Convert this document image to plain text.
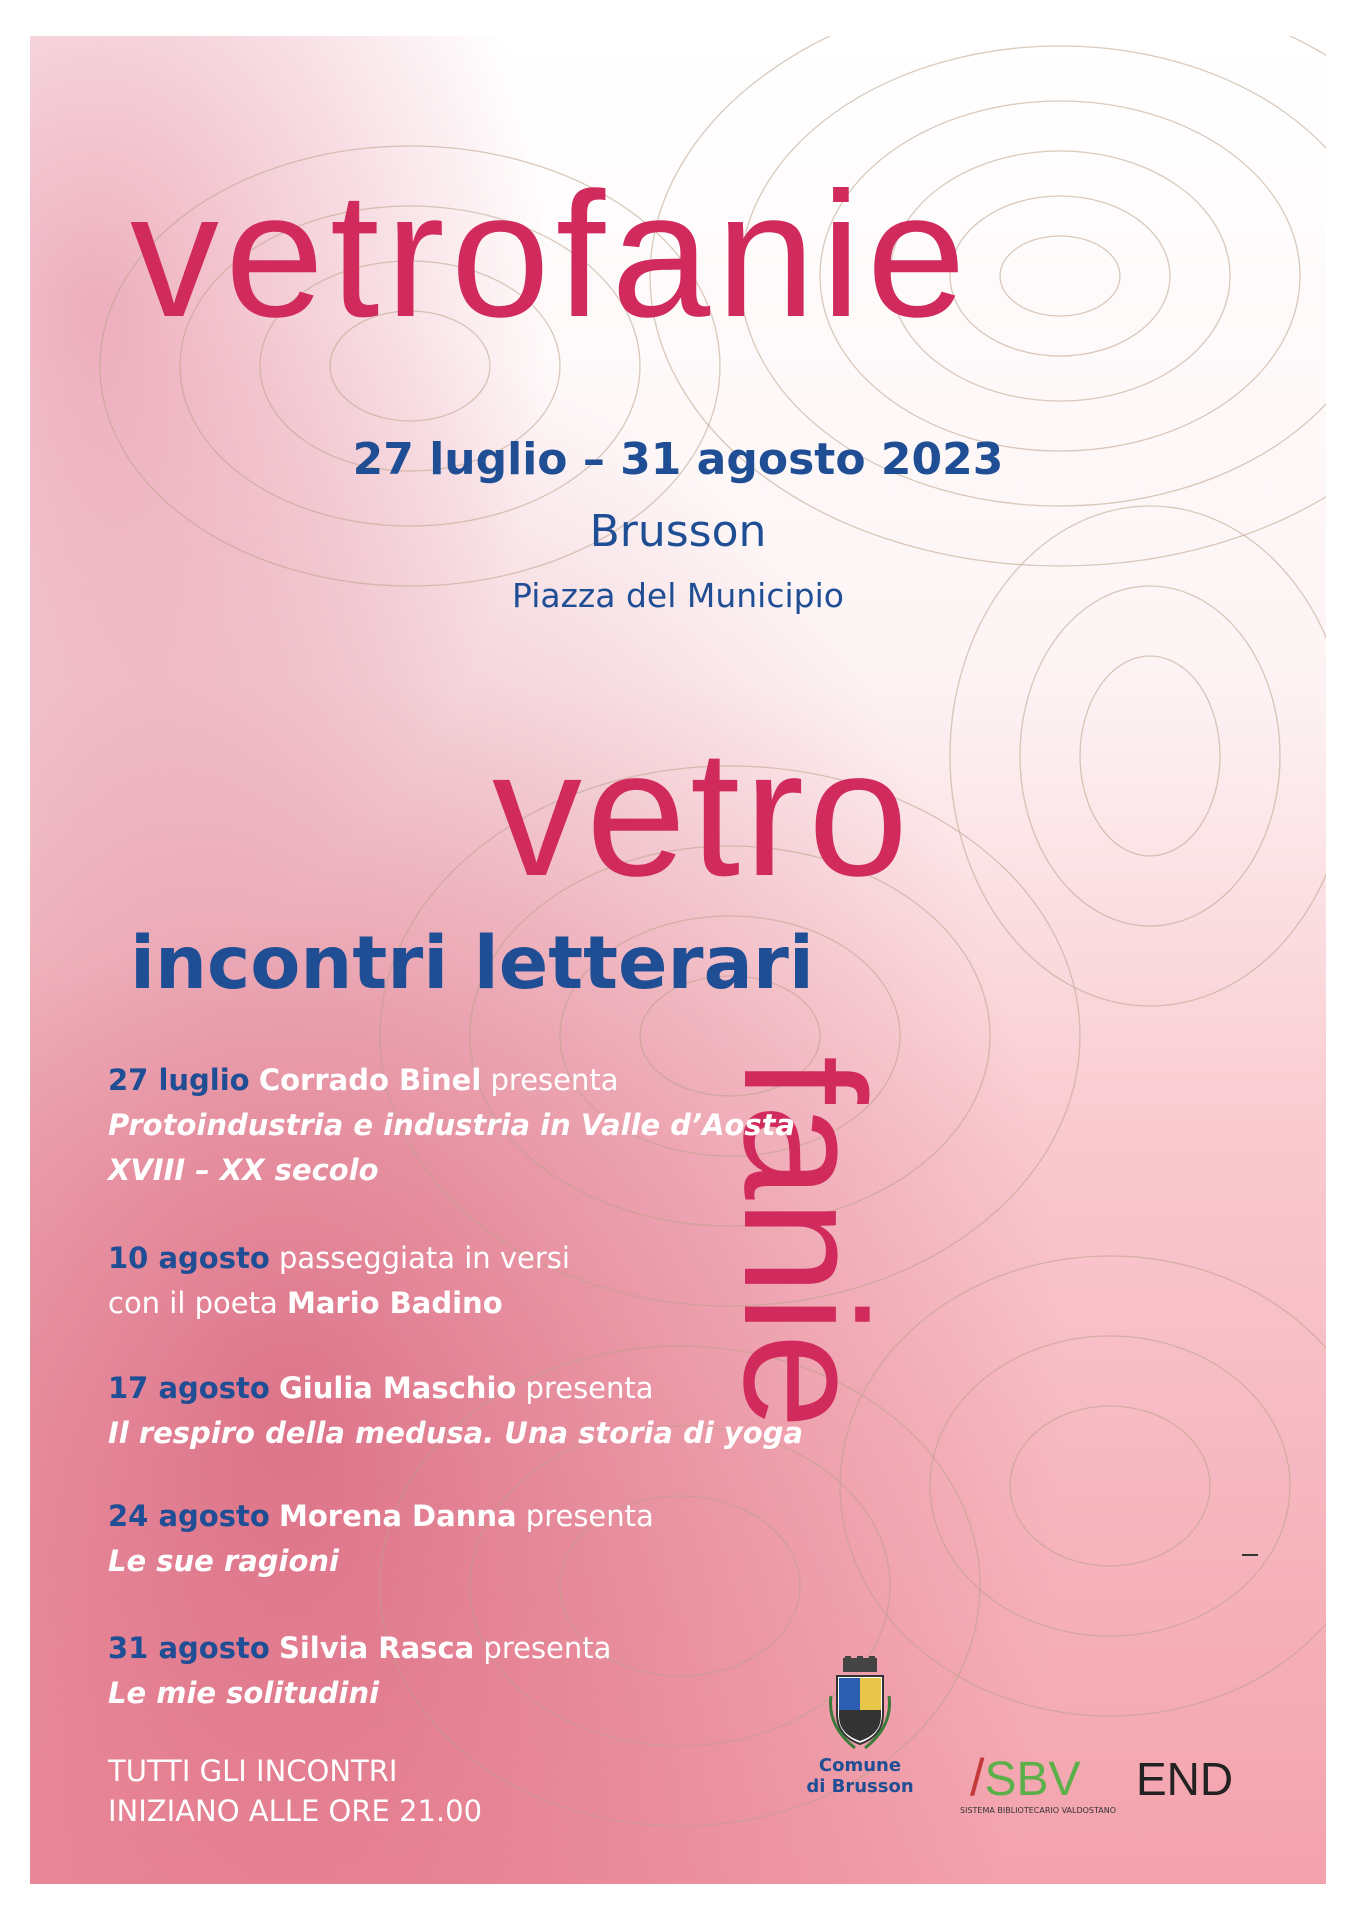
vetrofanie
27 luglio – 31 agosto 2023
Brusson
Piazza del Municipio
vetro
fanie
incontri letterari
27 luglio Corrado Binel presenta
Protoindustria e industria in Valle d’Aosta
XVIII – XX secolo
10 agosto passeggiata in versi
con il poeta Mario Badino
17 agosto Giulia Maschio presenta
Il respiro della medusa. Una storia di yoga
24 agosto Morena Danna presenta
Le sue ragioni
31 agosto Silvia Rasca presenta
Le mie solitudini
TUTTI GLI INCONTRI
INIZIANO ALLE ORE 21.00
Comune
di Brusson	/SBV
SISTEMA BIBLIOTECARIO VALDOSTANO
END
